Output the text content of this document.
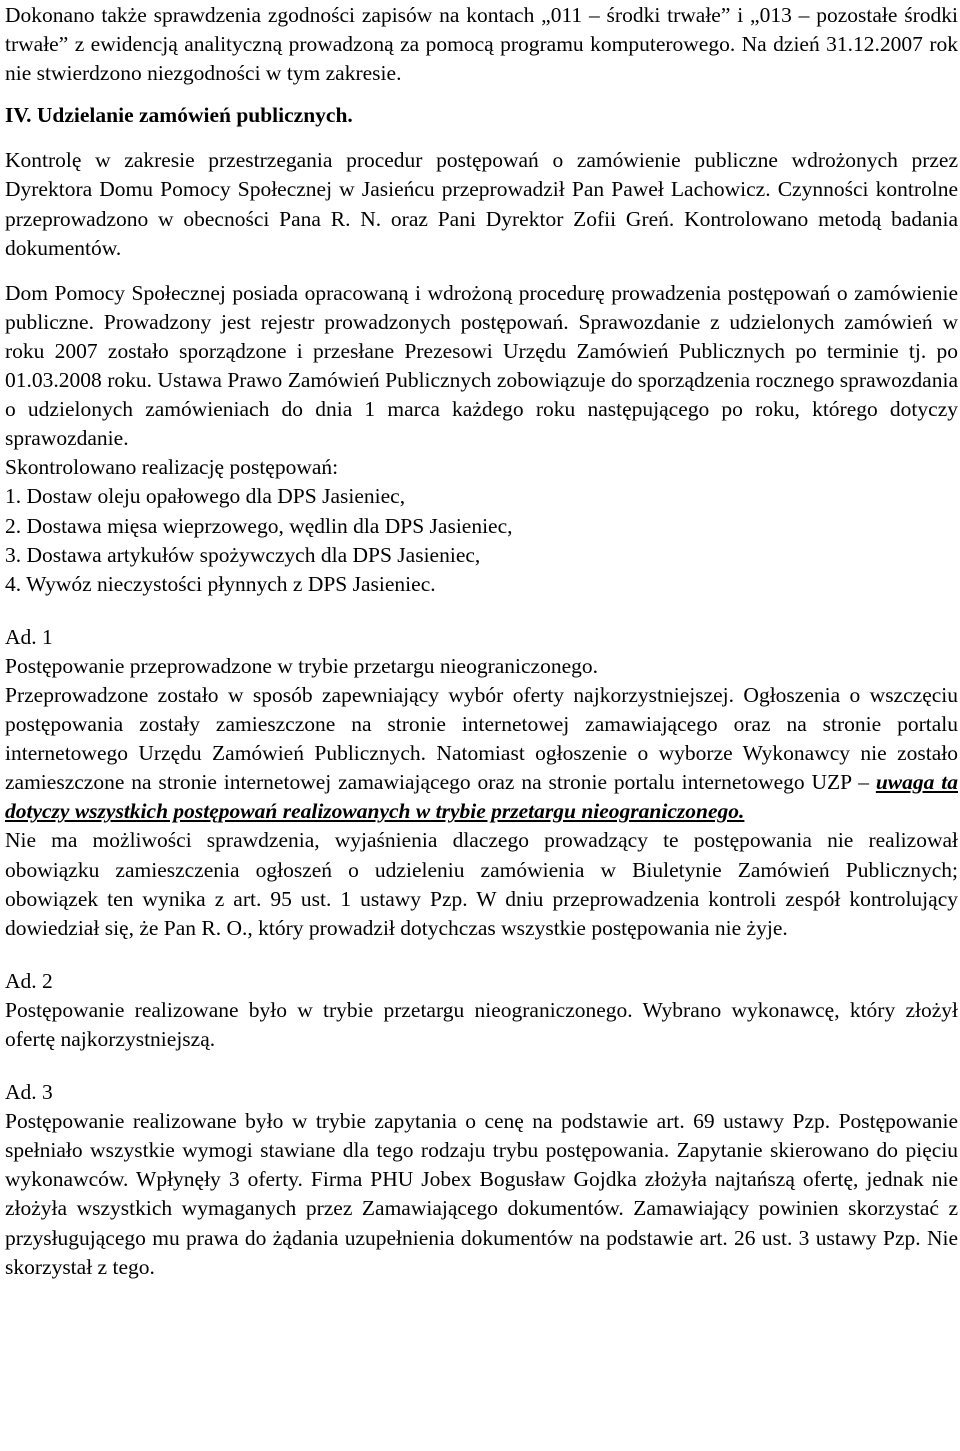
Dokonano także sprawdzenia zgodności zapisów na kontach „011 – środki trwałe” i „013 – pozostałe środki trwałe” z ewidencją analityczną prowadzoną za pomocą programu komputerowego. Na dzień 31.12.2007 rok nie stwierdzono niezgodności w tym zakresie.

IV. Udzielanie zamówień publicznych.

Kontrolę w zakresie przestrzegania procedur postępowań o zamówienie publiczne wdrożonych przez Dyrektora Domu Pomocy Społecznej w Jasieńcu przeprowadził Pan Paweł Lachowicz. Czynności kontrolne przeprowadzono w obecności Pana R. N. oraz Pani Dyrektor Zofii Greń. Kontrolowano metodą badania dokumentów.

Dom Pomocy Społecznej posiada opracowaną i wdrożoną procedurę prowadzenia postępowań o zamówienie publiczne. Prowadzony jest rejestr prowadzonych postępowań. Sprawozdanie z udzielonych zamówień w roku 2007 zostało sporządzone i przesłane Prezesowi Urzędu Zamówień Publicznych po terminie tj. po 01.03.2008 roku. Ustawa Prawo Zamówień Publicznych zobowiązuje do sporządzenia rocznego sprawozdania o udzielonych zamówieniach do dnia 1 marca każdego roku następującego po roku, którego dotyczy sprawozdanie.

Skontrolowano realizację postępowań:

1. Dostaw oleju opałowego dla DPS Jasieniec,

2. Dostawa mięsa wieprzowego, wędlin dla DPS Jasieniec,

3. Dostawa artykułów spożywczych dla DPS Jasieniec,

4. Wywóz nieczystości płynnych z DPS Jasieniec.

Ad. 1

Postępowanie przeprowadzone w trybie przetargu nieograniczonego.

Przeprowadzone zostało w sposób zapewniający wybór oferty najkorzystniejszej. Ogłoszenia o wszczęciu postępowania zostały zamieszczone na stronie internetowej zamawiającego oraz na stronie portalu internetowego Urzędu Zamówień Publicznych. Natomiast ogłoszenie o wyborze Wykonawcy nie zostało zamieszczone na stronie internetowej zamawiającego oraz na stronie portalu internetowego UZP – uwaga ta dotyczy wszystkich postępowań realizowanych w trybie przetargu nieograniczonego.

Nie ma możliwości sprawdzenia, wyjaśnienia dlaczego prowadzący te postępowania nie realizował obowiązku zamieszczenia ogłoszeń o udzieleniu zamówienia w Biuletynie Zamówień Publicznych; obowiązek ten wynika z art. 95 ust. 1 ustawy Pzp. W dniu przeprowadzenia kontroli zespół kontrolujący dowiedział się, że Pan R. O., który prowadził dotychczas wszystkie postępowania nie żyje.

Ad. 2

Postępowanie realizowane było w trybie przetargu nieograniczonego. Wybrano wykonawcę, który złożył ofertę najkorzystniejszą.

Ad. 3

Postępowanie realizowane było w trybie zapytania o cenę na podstawie art. 69 ustawy Pzp. Postępowanie spełniało wszystkie wymogi stawiane dla tego rodzaju trybu postępowania. Zapytanie skierowano do pięciu wykonawców. Wpłynęły 3 oferty. Firma PHU Jobex Bogusław Gojdka złożyła najtańszą ofertę, jednak nie złożyła wszystkich wymaganych przez Zamawiającego dokumentów. Zamawiający powinien skorzystać z przysługującego mu prawa do żądania uzupełnienia dokumentów na podstawie art. 26 ust. 3 ustawy Pzp. Nie skorzystał z tego.
